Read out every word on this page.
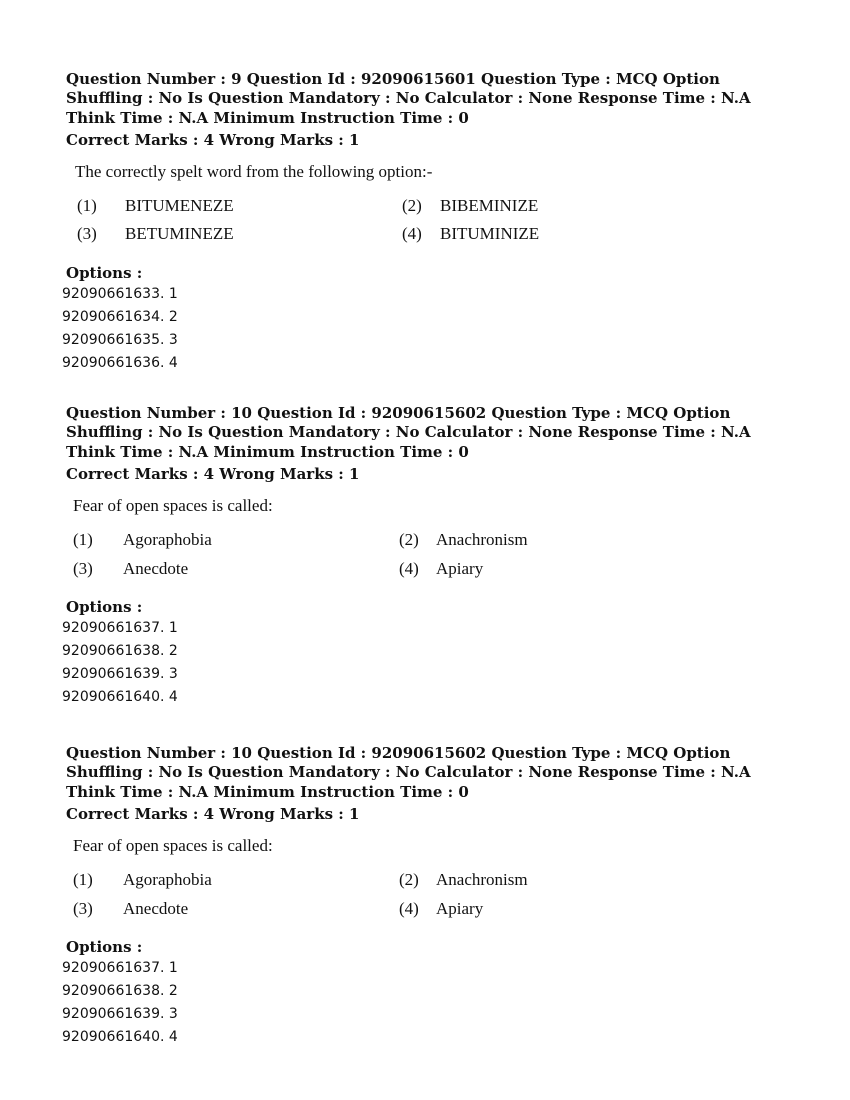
Question Number : 9 Question Id : 92090615601 Question Type : MCQ Option Shuffling : No Is Question Mandatory : No Calculator : None Response Time : N.A Think Time : N.A Minimum Instruction Time : 0
Correct Marks : 4 Wrong Marks : 1
The correctly spelt word from the following option:-
(1) BITUMENEZE	(2) BIBEMINIZE
(3) BETUMINEZE	(4) BITUMINIZE
Options :
92090661633. 1
92090661634. 2
92090661635. 3
92090661636. 4
Question Number : 10 Question Id : 92090615602 Question Type : MCQ Option Shuffling : No Is Question Mandatory : No Calculator : None Response Time : N.A Think Time : N.A Minimum Instruction Time : 0
Correct Marks : 4 Wrong Marks : 1
Fear of open spaces is called:
(1) Agoraphobia	(2) Anachronism
(3) Anecdote	(4) Apiary
Options :
92090661637. 1
92090661638. 2
92090661639. 3
92090661640. 4
Question Number : 10 Question Id : 92090615602 Question Type : MCQ Option Shuffling : No Is Question Mandatory : No Calculator : None Response Time : N.A Think Time : N.A Minimum Instruction Time : 0
Correct Marks : 4 Wrong Marks : 1
Fear of open spaces is called:
(1) Agoraphobia	(2) Anachronism
(3) Anecdote	(4) Apiary
Options :
92090661637. 1
92090661638. 2
92090661639. 3
92090661640. 4
